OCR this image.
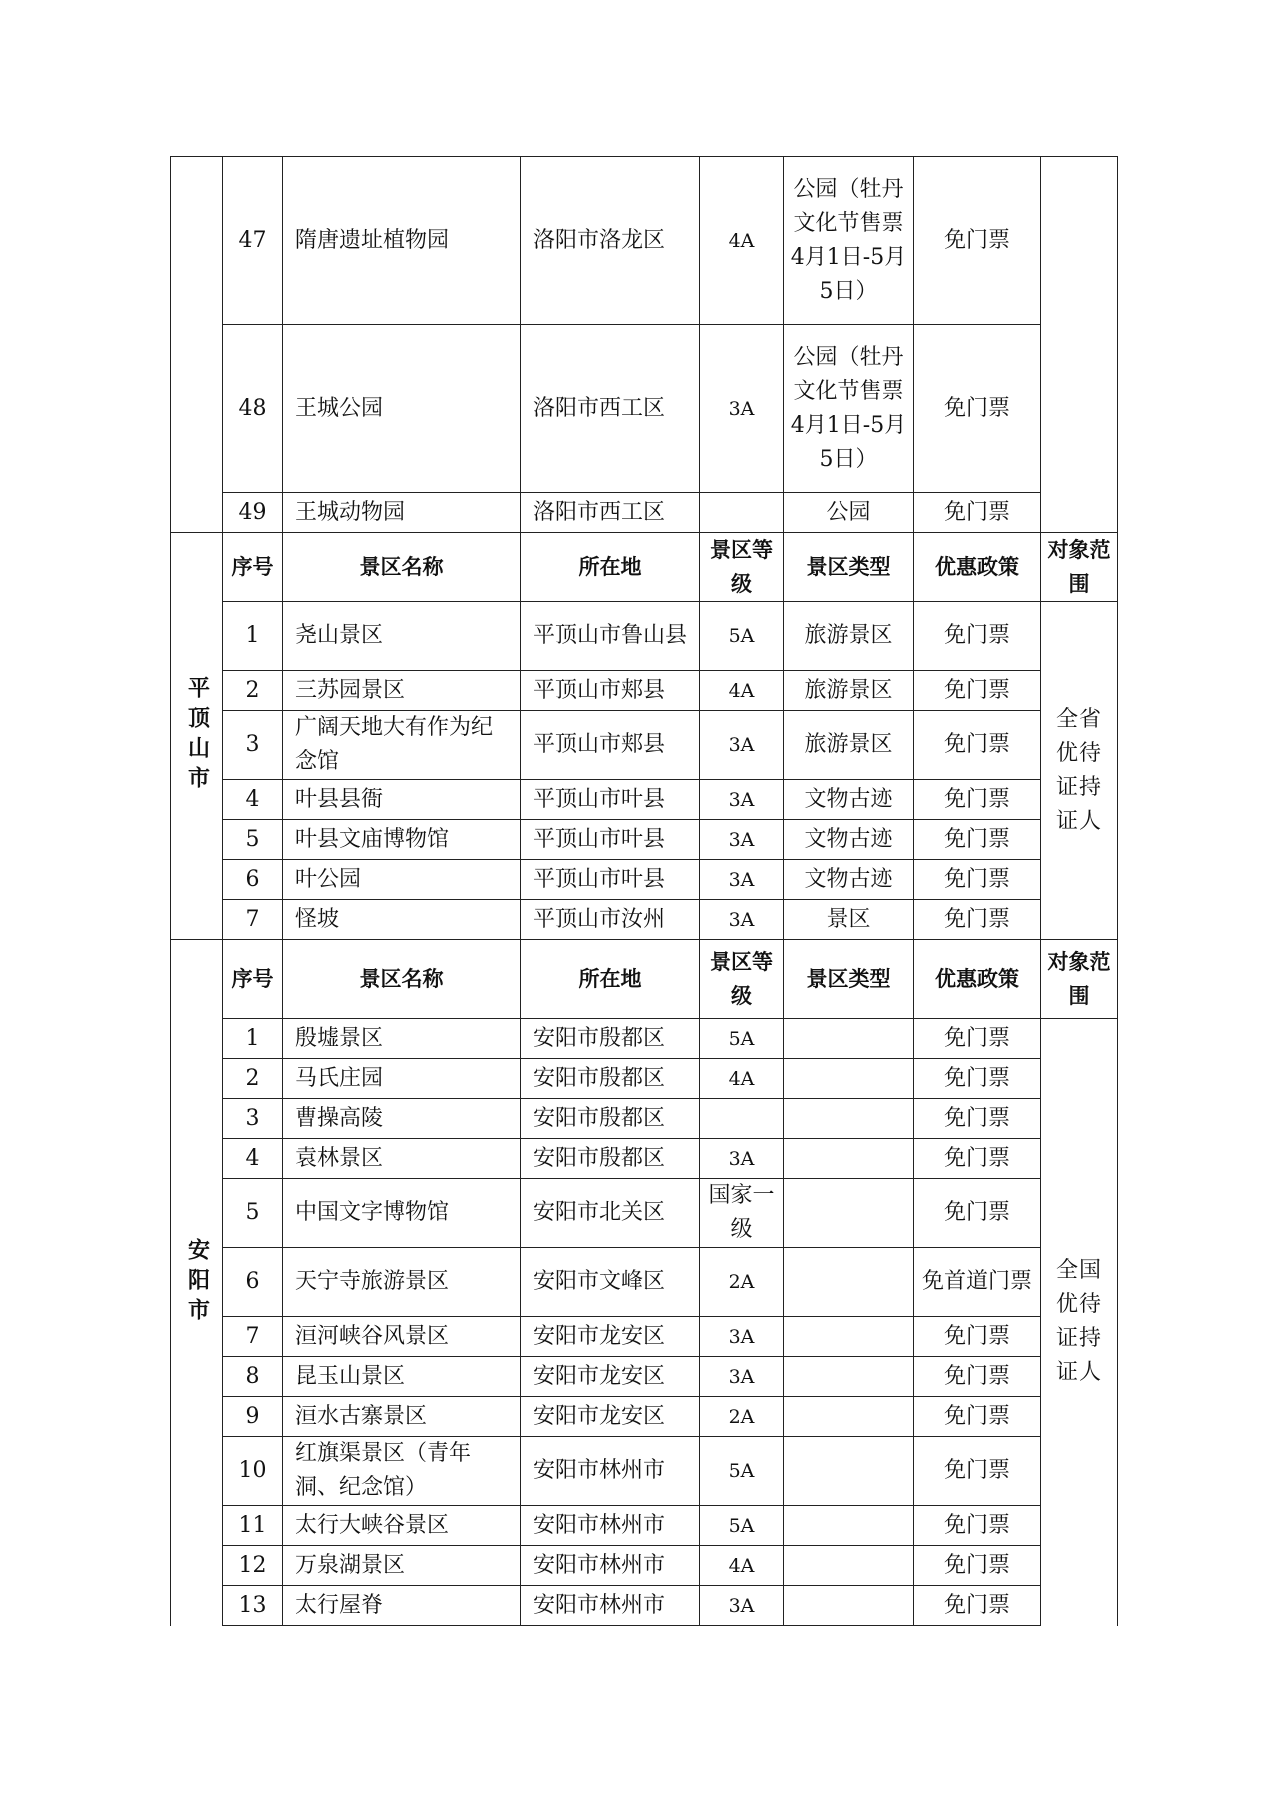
	47	隋唐遗址植物园	洛阳市洛龙区	4A	公园（牡丹文化节售票4月1日-5月5日）	免门票	
	48	王城公园	洛阳市西工区	3A	公园（牡丹文化节售票4月1日-5月5日）	免门票	
	49	王城动物园	洛阳市西工区		公园	免门票	

平顶山市	序号	景区名称	所在地	景区等级	景区类型	优惠政策	对象范围
	1	尧山景区	平顶山市鲁山县	5A	旅游景区	免门票	全省优待证持证人

	2	三苏园景区	平顶山市郏县	4A	旅游景区	免门票	
	3	广阔天地大有作为纪念馆	平顶山市郏县	3A	旅游景区	免门票	
	4	叶县县衙	平顶山市叶县	3A	文物古迹	免门票	
	5	叶县文庙博物馆	平顶山市叶县	3A	文物古迹	免门票	
	6	叶公园	平顶山市叶县	3A	文物古迹	免门票	
	7	怪坡	平顶山市汝州	3A	景区	免门票	

安阳市	序号	景区名称	所在地	景区等级	景区类型	优惠政策	对象范围
	1	殷墟景区	安阳市殷都区	5A		免门票	全国优待证持证人

	2	马氏庄园	安阳市殷都区	4A		免门票	
	3	曹操高陵	安阳市殷都区			免门票	
	4	袁林景区	安阳市殷都区	3A		免门票	
	5	中国文字博物馆	安阳市北关区	国家一级		免门票	
	6	天宁寺旅游景区	安阳市文峰区	2A		免首道门票	
	7	洹河峡谷风景区	安阳市龙安区	3A		免门票	
	8	昆玉山景区	安阳市龙安区	3A		免门票	
	9	洹水古寨景区	安阳市龙安区	2A		免门票	
	10	红旗渠景区（青年洞、纪念馆）	安阳市林州市	5A		免门票	
	11	太行大峡谷景区	安阳市林州市	5A		免门票	
	12	万泉湖景区	安阳市林州市	4A		免门票	
	13	太行屋脊	安阳市林州市	3A		免门票	
